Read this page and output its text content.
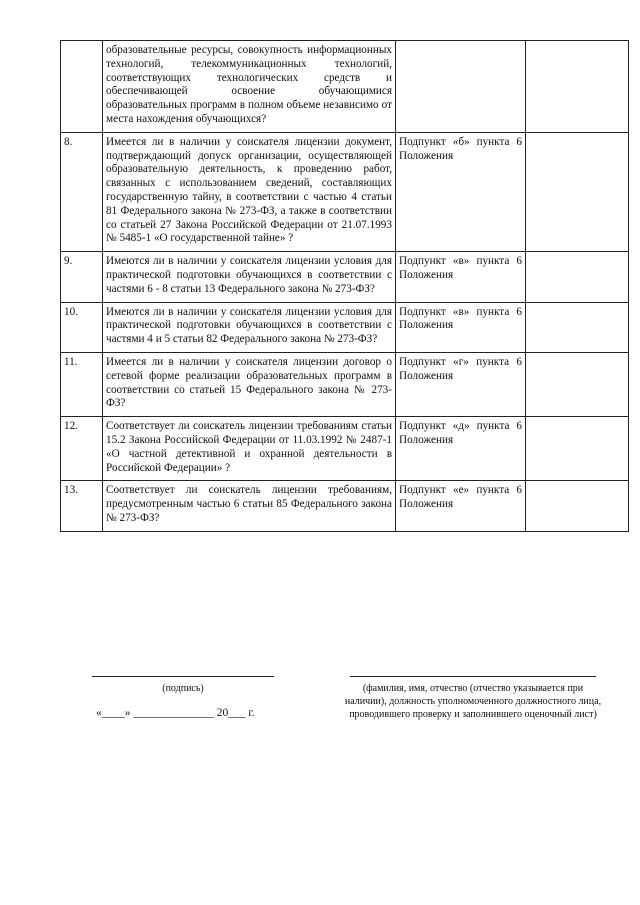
	образовательные ресурсы, совокупность информационных технологий, телекоммуникационных технологий, соответствующих технологических средств и обеспечивающей освоение обучающимися образовательных программ в полном объеме независимо от места нахождения обучающихся?		
8.	Имеется ли в наличии у соискателя лицензии документ, подтверждающий допуск организации, осуществляющей образовательную деятельность, к проведению работ, связанных с использованием сведений, составляющих государственную тайну, в соответствии с частью 4 статьи 81 Федерального закона № 273-ФЗ, а также в соответствии со статьей 27 Закона Российской Федерации от 21.07.1993 № 5485-1 «О государственной тайне» ?	Подпункт «б» пункта 6 Положения	
9.	Имеются ли в наличии у соискателя лицензии условия для практической подготовки обучающихся в соответствии с частями 6 - 8 статьи 13 Федерального закона № 273-ФЗ?	Подпункт «в» пункта 6 Положения	
10.	Имеются ли в наличии у соискателя лицензии условия для практической подготовки обучающихся в соответствии с частями 4 и 5 статьи 82 Федерального закона № 273-ФЗ?	Подпункт «в» пункта 6 Положения	
11.	Имеется ли в наличии у соискателя лицензии договор о сетевой форме реализации образовательных программ в соответствии со статьей 15 Федерального закона № 273-ФЗ?	Подпункт «г» пункта 6 Положения	
12.	Соответствует ли соискатель лицензии требованиям статьи 15.2 Закона Российской Федерации от 11.03.1992 № 2487-1 «О частной детективной и охранной деятельности в Российской Федерации» ?	Подпункт «д» пункта 6 Положения	
13.	Соответствует ли соискатель лицензии требованиям, предусмотренным частью 6 статьи 85 Федерального закона № 273-ФЗ?	Подпункт «е» пункта 6 Положения	
(подпись)
«____» ______________ 20___ г.
(фамилия, имя, отчество (отчество указывается при наличии), должность уполномоченного должностного лица, проводившего проверку и заполнившего оценочный лист)
